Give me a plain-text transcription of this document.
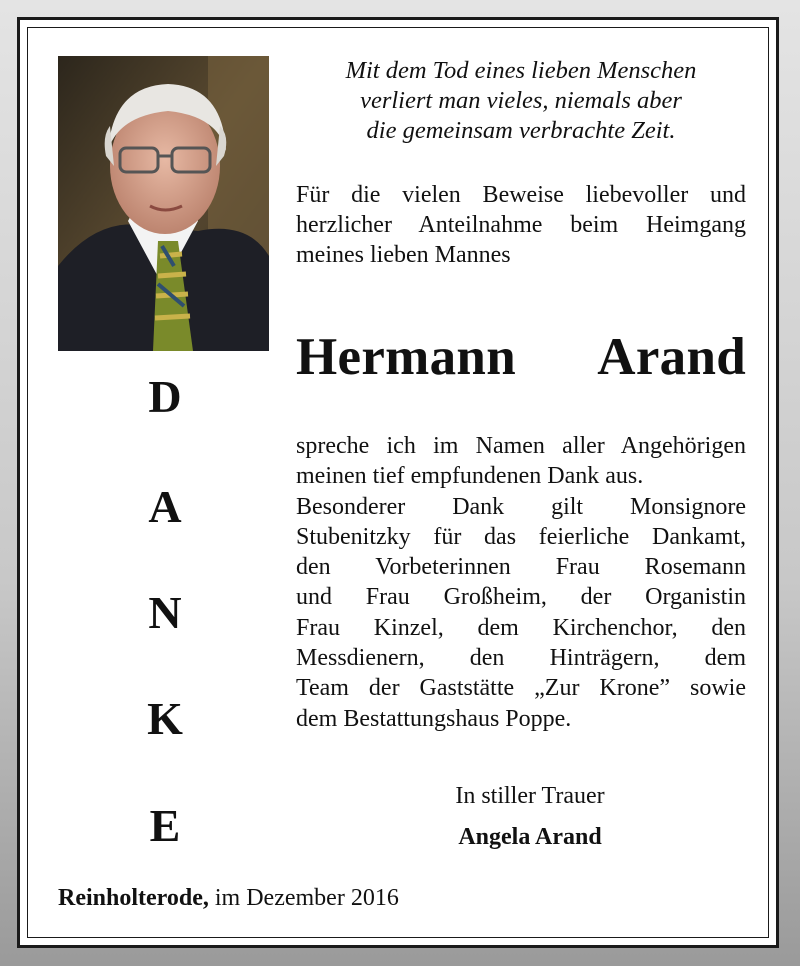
Mit dem Tod eines lieben Menschen
verliert man vieles, niemals aber
die gemeinsam verbrachte Zeit.
Für die vielen Beweise liebevoller und
herzlicher Anteilnahme beim Heimgang
meines lieben Mannes
Hermann Arand
spreche ich im Namen aller Angehörigen
meinen tief empfundenen Dank aus.
Besonderer Dank gilt Monsignore
Stubenitzky für das feierliche Dankamt,
den Vorbeterinnen Frau Rosemann
und Frau Großheim, der Organistin
Frau Kinzel, dem Kirchenchor, den
Messdienern, den Hinträgern, dem
Team der Gaststätte „Zur Krone” sowie
dem Bestattungshaus Poppe.
D
A
N
K
E
In stiller Trauer
Angela Arand
Reinholterode, im Dezember 2016
